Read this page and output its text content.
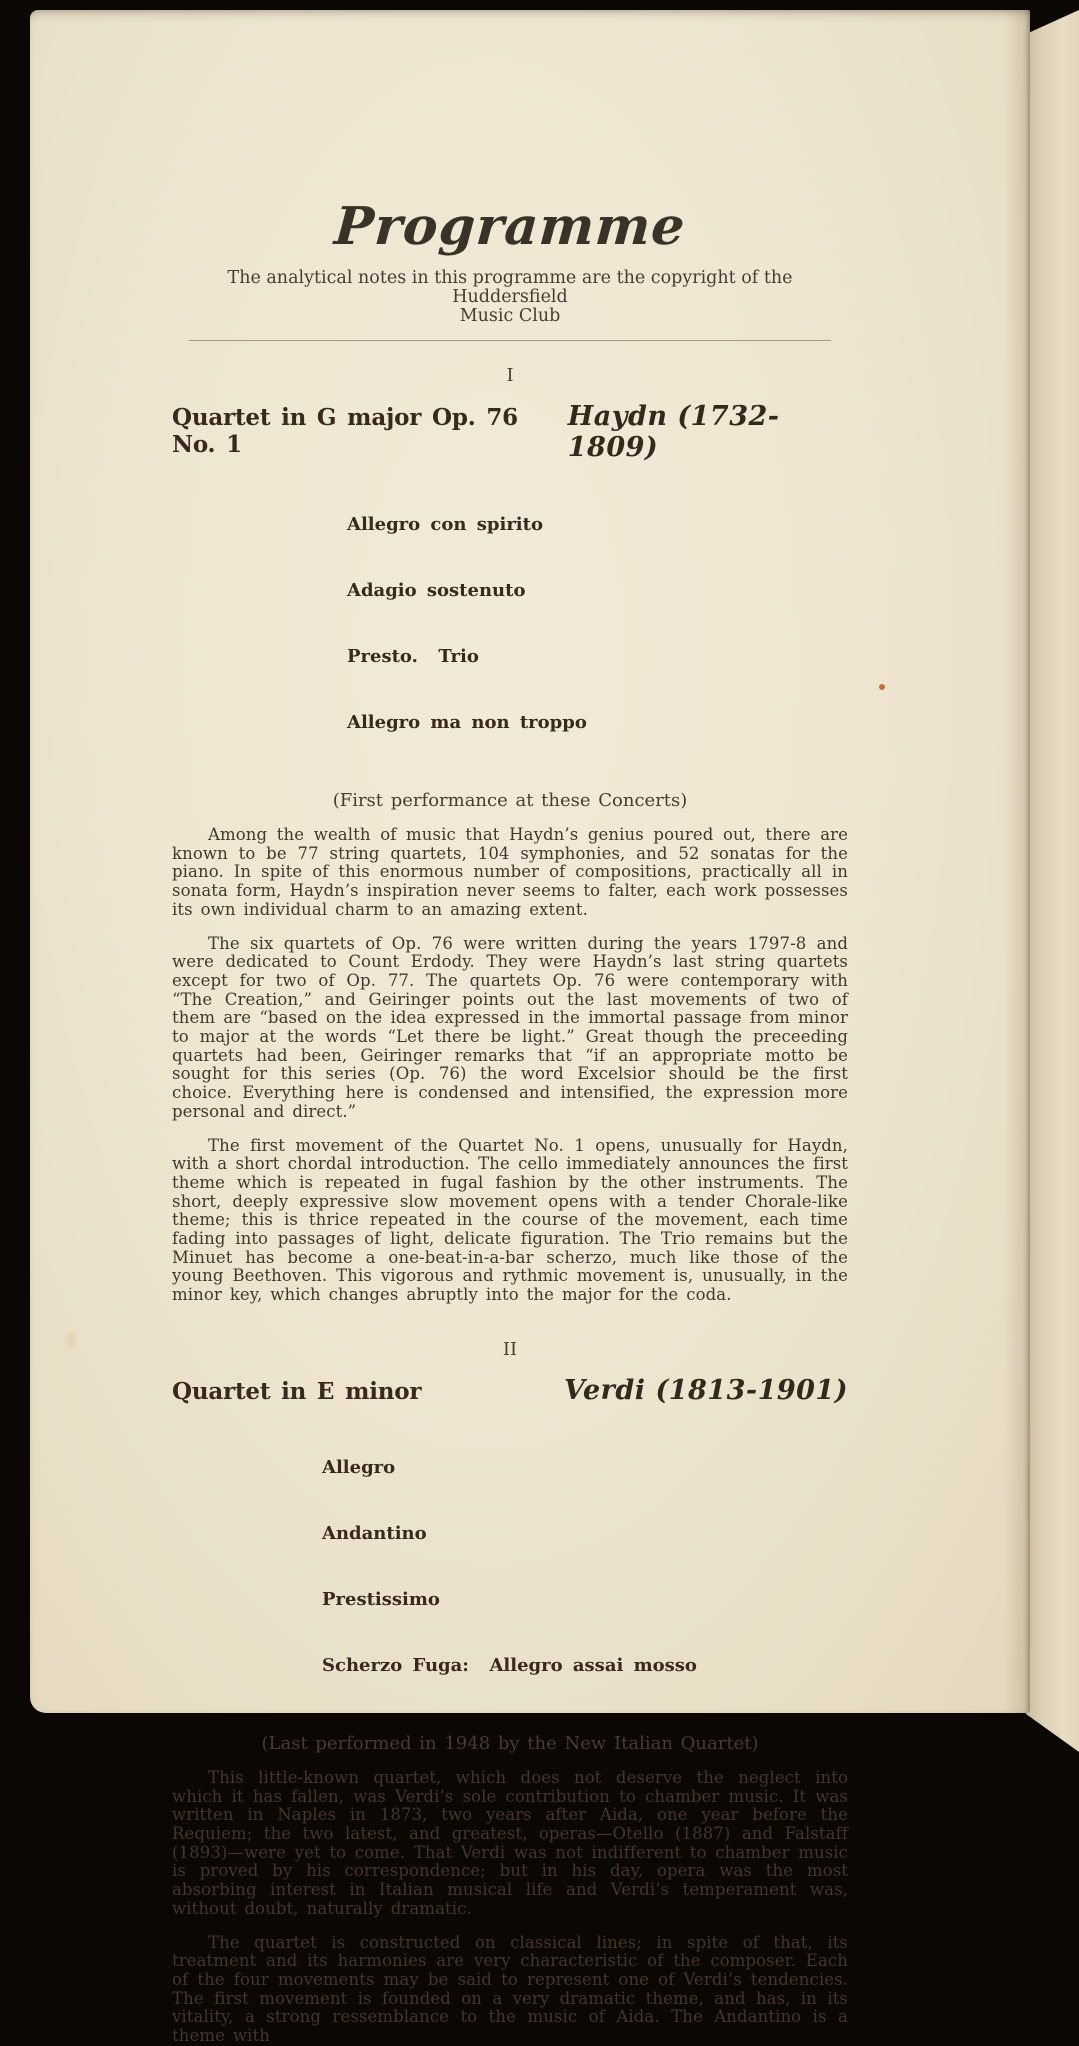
Programme
The analytical notes in this programme are the copyright of the Huddersfield
Music Club
I
Quartet in G major Op. 76 No. 1
Haydn (1732-1809)

Allegro con spirito

Adagio sostenuto

Presto.  Trio

Allegro ma non troppo

(First performance at these Concerts)

Among the wealth of music that Haydn’s genius poured out, there are known to be 77 string quartets, 104 symphonies, and 52 sonatas for the piano. In spite of this enormous number of compositions, practically all in sonata form, Haydn’s inspiration never seems to falter, each work possesses its own individual charm to an amazing extent.

The six quartets of Op. 76 were written during the years 1797-8 and were dedicated to Count Erdody. They were Haydn’s last string quartets except for two of Op. 77. The quartets Op. 76 were contemporary with “The Creation,” and Geiringer points out the last movements of two of them are “based on the idea expressed in the immortal passage from minor to major at the words “Let there be light.” Great though the preceeding quartets had been, Geiringer remarks that “if an appropriate motto be sought for this series (Op. 76) the word Excelsior should be the first choice. Everything here is condensed and intensified, the expression more personal and direct.”

The first movement of the Quartet No. 1 opens, unusually for Haydn, with a short chordal introduction. The cello immediately announces the first theme which is repeated in fugal fashion by the other instruments. The short, deeply expressive slow movement opens with a tender Chorale-like theme; this is thrice repeated in the course of the movement, each time fading into passages of light, delicate figuration. The Trio remains but the Minuet has become a one-beat-in-a-bar scherzo, much like those of the young Beethoven. This vigorous and rythmic movement is, unusually, in the minor key, which changes abruptly into the major for the coda.

II
Quartet in E minor	Verdi (1813-1901)

Allegro

Andantino

Prestissimo

Scherzo Fuga:  Allegro assai mosso

(Last performed in 1948 by the New Italian Quartet)

This little-known quartet, which does not deserve the neglect into which it has fallen, was Verdi’s sole contribution to chamber music. It was written in Naples in 1873, two years after Aida, one year before the Requiem; the two latest, and greatest, operas—Otello (1887) and Falstaff (1893)—were yet to come. That Verdi was not indifferent to chamber music is proved by his correspondence; but in his day, opera was the most absorbing interest in Italian musical life and Verdi’s temperament was, without doubt, naturally dramatic.

The quartet is constructed on classical lines; in spite of that, its treatment and its harmonies are very characteristic of the composer. Each of the four movements may be said to represent one of Verdi’s tendencies. The first movement is founded on a very dramatic theme, and has, in its vitality, a strong ressemblance to the music of Aida. The Andantino is a theme with
